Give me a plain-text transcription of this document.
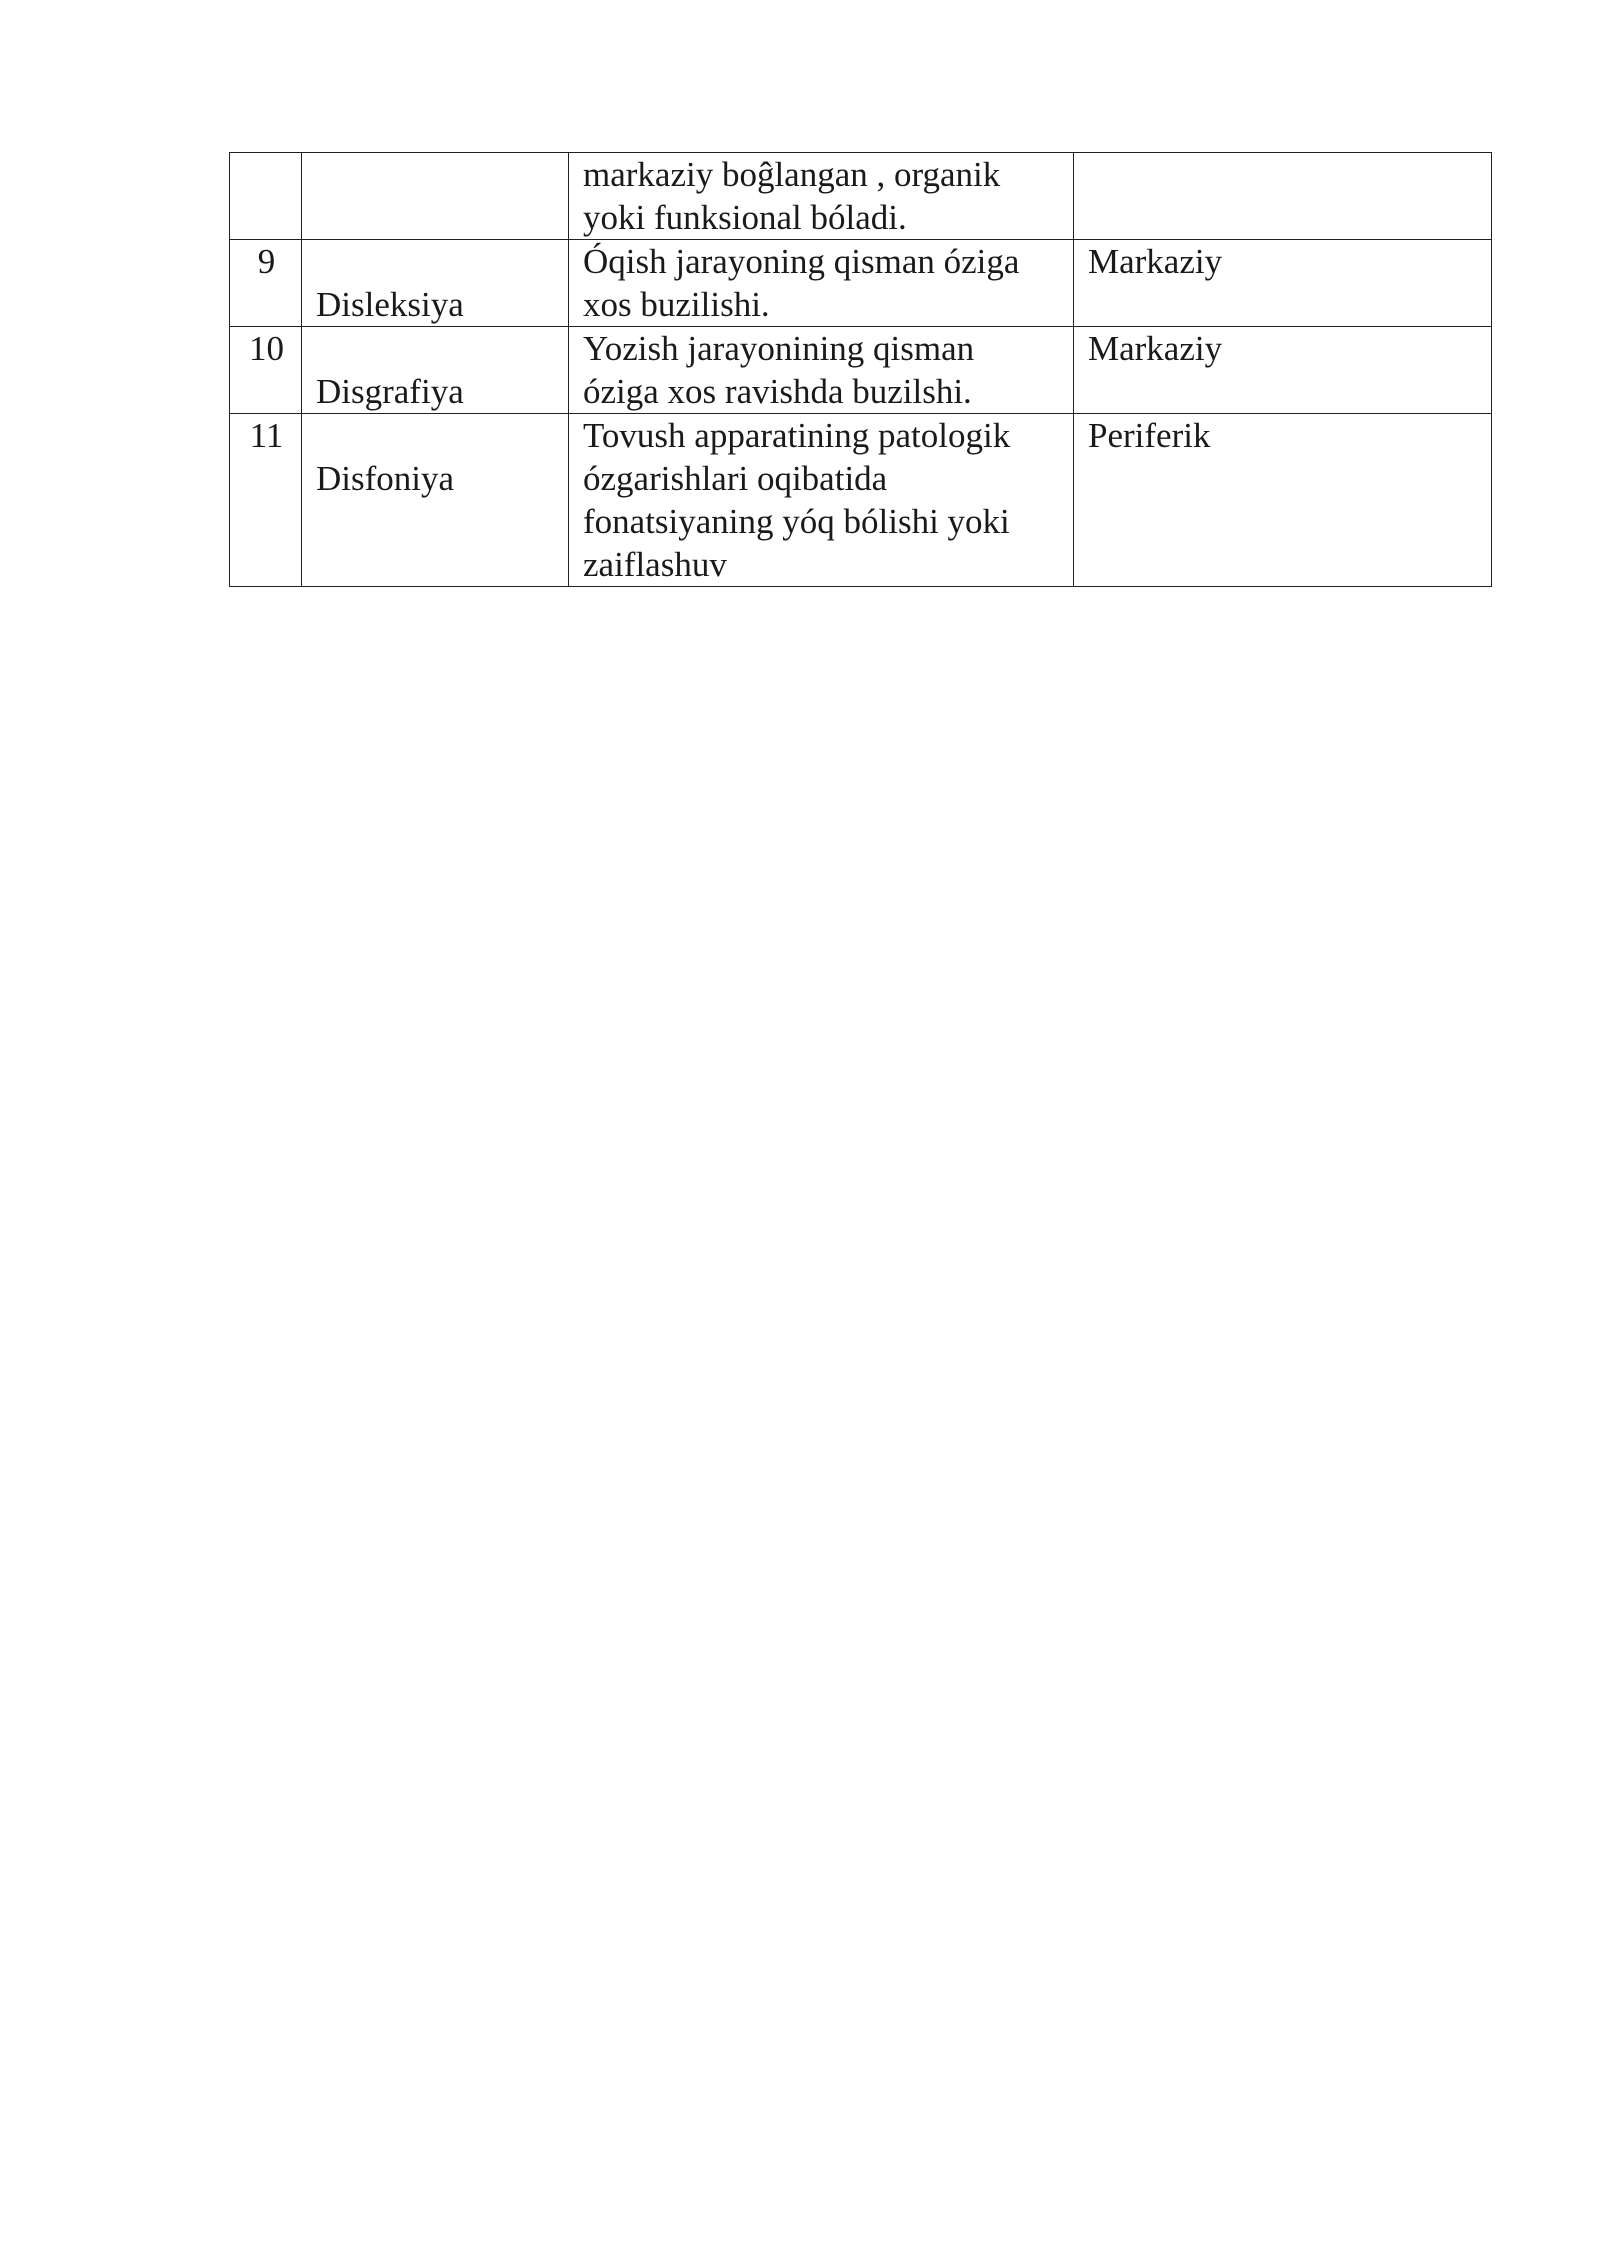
		markaziy boĝlangan , organik
yoki funksional bóladi.	

9	Disleksiya	Óqish jarayoning qisman óziga
xos buzilishi.	Markaziy
10	Disgrafiya	Yozish jarayonining qisman
óziga xos ravishda buzilshi.	Markaziy
11	Disfoniya	Tovush apparatining patologik
ózgarishlari oqibatida
fonatsiyaning yóq bólishi yoki
zaiflashuv	Periferik
